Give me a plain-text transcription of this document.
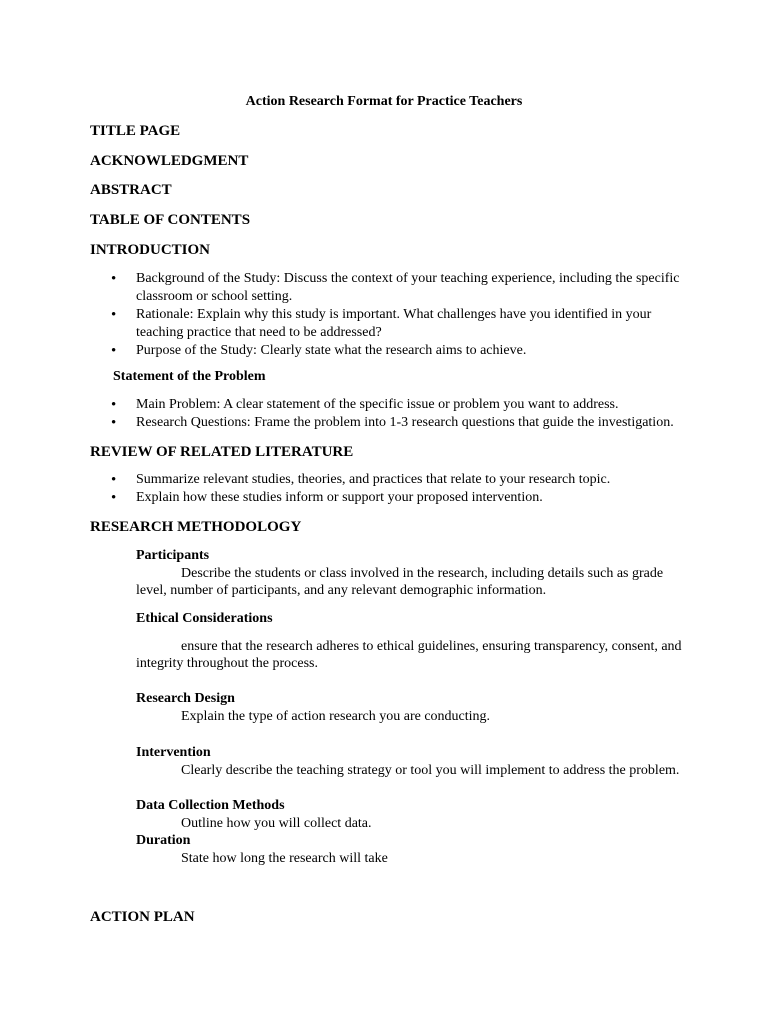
Action Research Format for Practice Teachers

TITLE PAGE

ACKNOWLEDGMENT

ABSTRACT

TABLE OF CONTENTS

INTRODUCTION

• Background of the Study: Discuss the context of your teaching experience, including the specific
classroom or school setting.
• Rationale: Explain why this study is important. What challenges have you identified in your
teaching practice that need to be addressed?
• Purpose of the Study: Clearly state what the research aims to achieve.

Statement of the Problem

• Main Problem: A clear statement of the specific issue or problem you want to address.
• Research Questions: Frame the problem into 1-3 research questions that guide the investigation.

REVIEW OF RELATED LITERATURE

• Summarize relevant studies, theories, and practices that relate to your research topic.
• Explain how these studies inform or support your proposed intervention.

RESEARCH METHODOLOGY

Participants

Describe the students or class involved in the research, including details such as grade

level, number of participants, and any relevant demographic information.

Ethical Considerations

ensure that the research adheres to ethical guidelines, ensuring transparency, consent, and

integrity throughout the process.

Research Design

Explain the type of action research you are conducting.

Intervention

Clearly describe the teaching strategy or tool you will implement to address the problem.

Data Collection Methods

Outline how you will collect data.

Duration

State how long the research will take

ACTION PLAN
